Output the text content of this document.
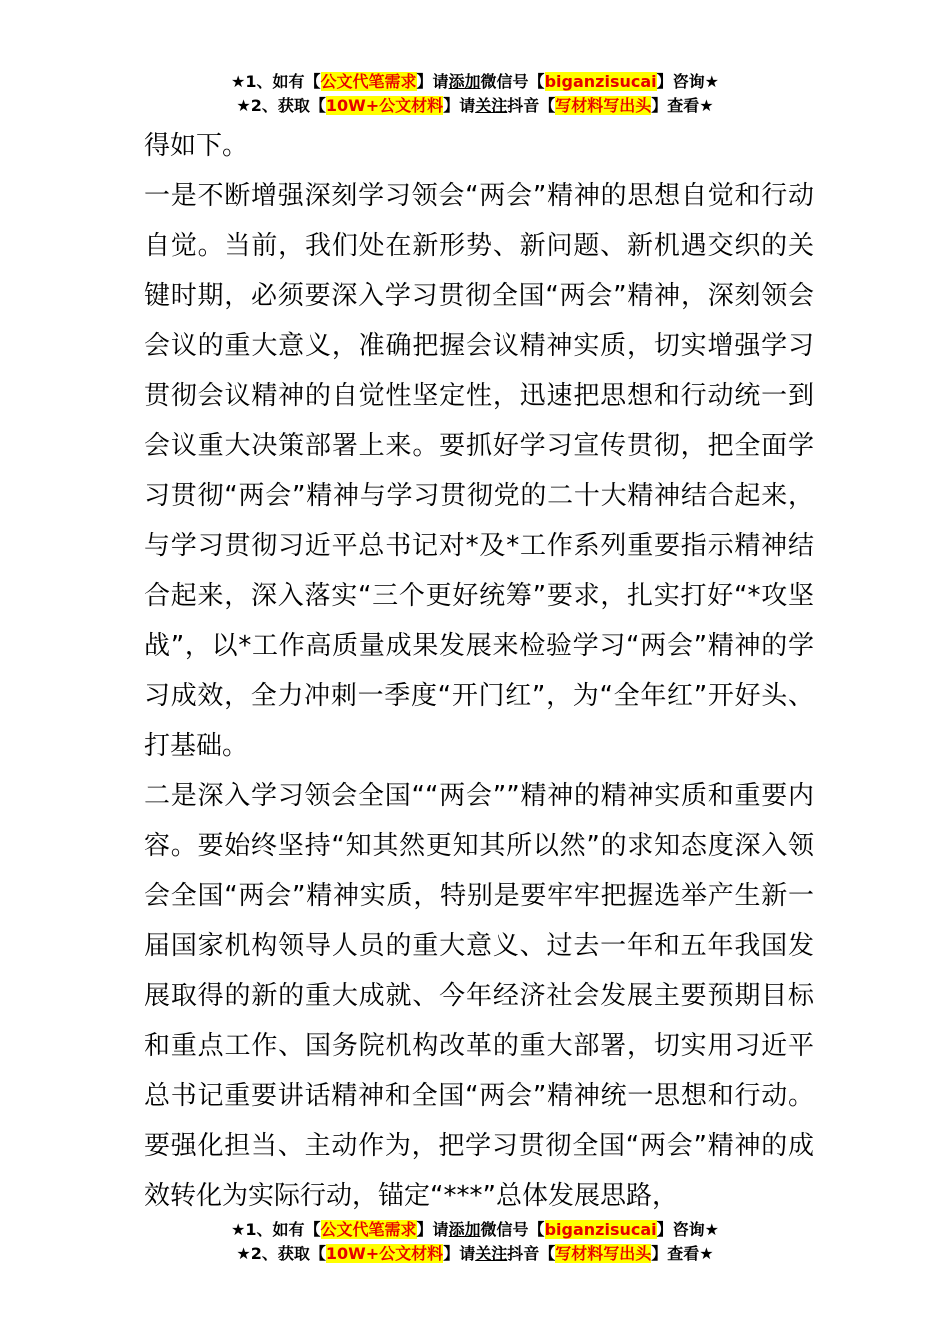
★1、如有【公文代笔需求】请添加微信号【biganzisucai】咨询★
★2、获取【10W+公文材料】请关注抖音【写材料写出头】查看★

得如下。

一是不断增强深刻学习领会“两会”精神的思想自觉和行动自觉。当前，我们处在新形势、新问题、新机遇交织的关键时期，必须要深入学习贯彻全国“两会”精神，深刻领会会议的重大意义，准确把握会议精神实质，切实增强学习贯彻会议精神的自觉性坚定性，迅速把思想和行动统一到会议重大决策部署上来。要抓好学习宣传贯彻，把全面学习贯彻“两会”精神与学习贯彻党的二十大精神结合起来，与学习贯彻习近平总书记对*及*工作系列重要指示精神结合起来，深入落实“三个更好统筹”要求，扎实打好“*攻坚战”，以*工作高质量成果发展来检验学习“两会”精神的学习成效，全力冲刺一季度“开门红”，为“全年红”开好头、打基础。

二是深入学习领会全国““两会””精神的精神实质和重要内容。要始终坚持“知其然更知其所以然”的求知态度深入领会全国“两会”精神实质，特别是要牢牢把握选举产生新一届国家机构领导人员的重大意义、过去一年和五年我国发展取得的新的重大成就、今年经济社会发展主要预期目标和重点工作、国务院机构改革的重大部署，切实用习近平总书记重要讲话精神和全国“两会”精神统一思想和行动。要强化担当、主动作为，把学习贯彻全国“两会”精神的成效转化为实际行动，锚定“***”总体发展思路，

★1、如有【公文代笔需求】请添加微信号【biganzisucai】咨询★
★2、获取【10W+公文材料】请关注抖音【写材料写出头】查看★
